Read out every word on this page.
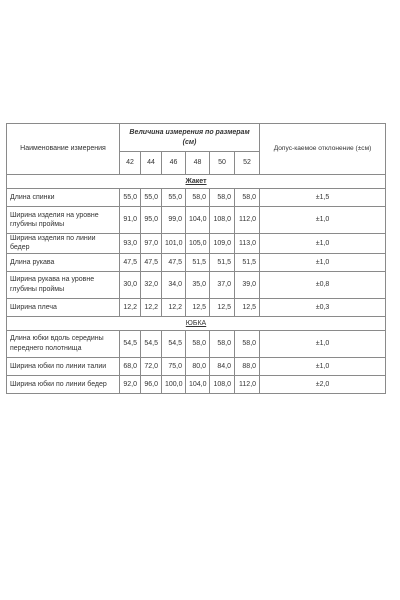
Наименование измерения	Величина измерения по размерам (см)						Допус-каемое отклонение (±см)
	42	44	46	48	50	52	
Жакет							
Длина спинки	55,0	55,0	55,0	58,0	58,0	58,0	±1,5
Ширина изделия на уровне глубины проймы	91,0	95,0	99,0	104,0	108,0	112,0	±1,0
Ширина изделия по линии бедер	93,0	97,0	101,0	105,0	109,0	113,0	±1,0
Длина рукава	47,5	47,5	47,5	51,5	51,5	51,5	±1,0
Ширина рукава на уровне глубины проймы	30,0	32,0	34,0	35,0	37,0	39,0	±0,8
Ширина плеча	12,2	12,2	12,2	12,5	12,5	12,5	±0,3
ЮБКА							
Длина юбки вдоль середины переднего полотнища	54,5	54,5	54,5	58,0	58,0	58,0	±1,0
Ширина юбки по линии талии	68,0	72,0	75,0	80,0	84,0	88,0	±1,0
Ширина юбки по линии бедер	92,0	96,0	100,0	104,0	108,0	112,0	±2,0
